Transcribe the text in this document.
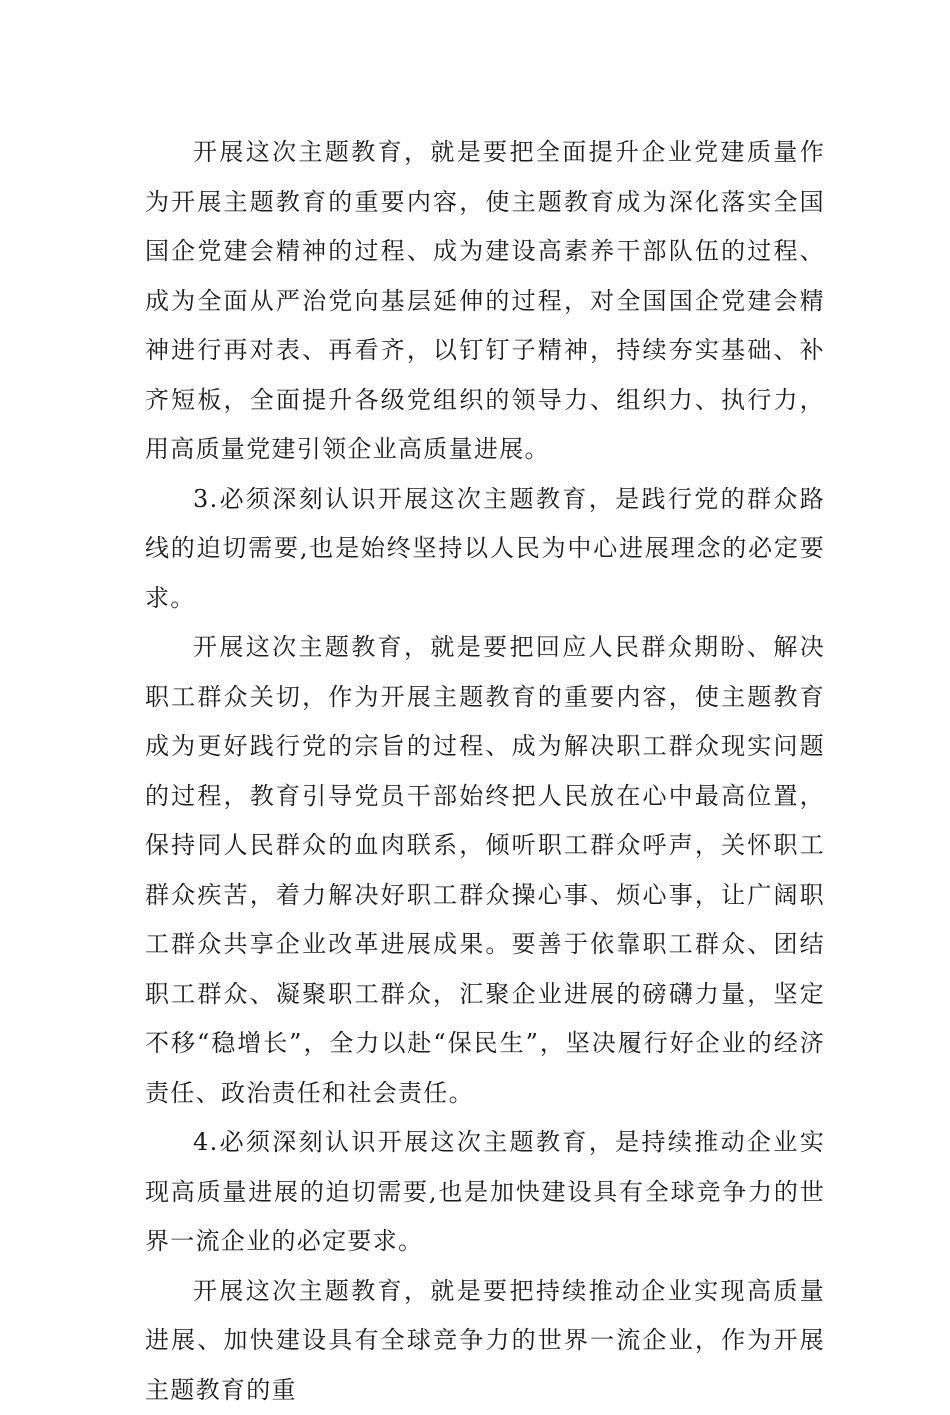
开展这次主题教育，就是要把全面提升企业党建质量作为开展主题教育的重要内容，使主题教育成为深化落实全国国企党建会精神的过程、成为建设高素养干部队伍的过程、成为全面从严治党向基层延伸的过程，对全国国企党建会精神进行再对表、再看齐，以钉钉子精神，持续夯实基础、补齐短板，全面提升各级党组织的领导力、组织力、执行力，用高质量党建引领企业高质量进展。

3.必须深刻认识开展这次主题教育，是践行党的群众路线的迫切需要,也是始终坚持以人民为中心进展理念的必定要求。

开展这次主题教育，就是要把回应人民群众期盼、解决职工群众关切，作为开展主题教育的重要内容，使主题教育成为更好践行党的宗旨的过程、成为解决职工群众现实问题的过程，教育引导党员干部始终把人民放在心中最高位置，保持同人民群众的血肉联系，倾听职工群众呼声，关怀职工群众疾苦，着力解决好职工群众操心事、烦心事，让广阔职工群众共享企业改革进展成果。要善于依靠职工群众、团结职工群众、凝聚职工群众，汇聚企业进展的磅礴力量，坚定不移“稳增长”，全力以赴“保民生”，坚决履行好企业的经济责任、政治责任和社会责任。

4.必须深刻认识开展这次主题教育，是持续推动企业实现高质量进展的迫切需要,也是加快建设具有全球竞争力的世界一流企业的必定要求。

开展这次主题教育，就是要把持续推动企业实现高质量进展、加快建设具有全球竞争力的世界一流企业，作为开展主题教育的重
